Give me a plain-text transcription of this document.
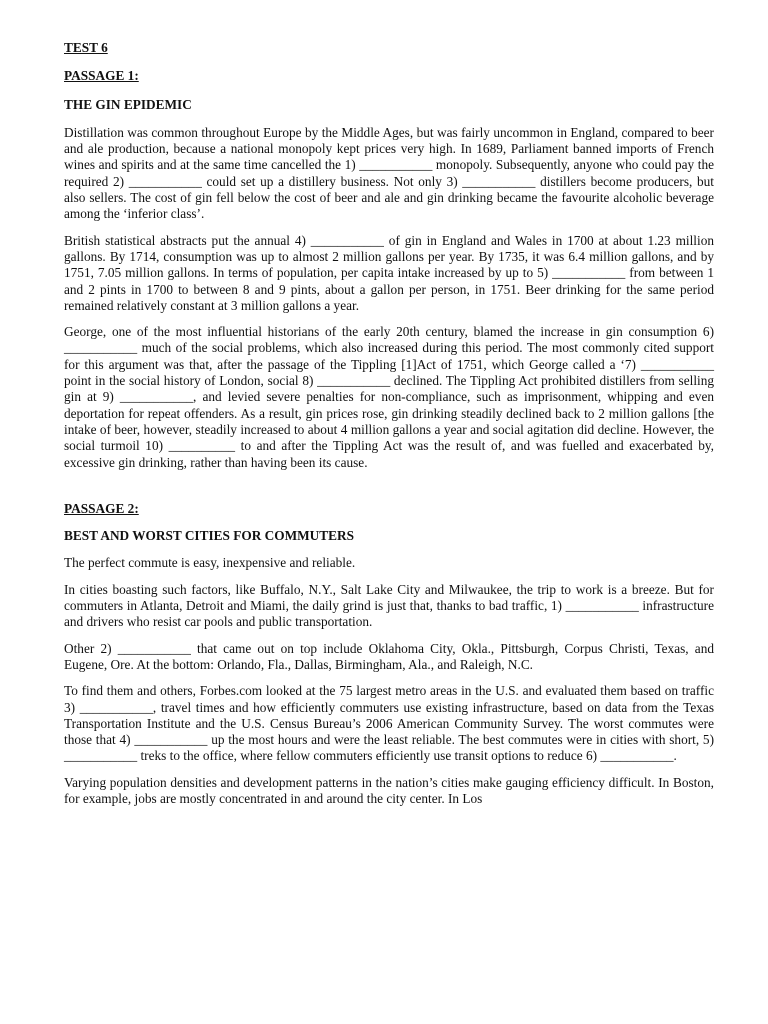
TEST 6

PASSAGE 1:

THE GIN EPIDEMIC

Distillation was common throughout Europe by the Middle Ages, but was fairly uncommon in England, compared to beer and ale production, because a national monopoly kept prices very high. In 1689, Parliament banned imports of French wines and spirits and at the same time cancelled the 1) ___________ monopoly. Subsequently, anyone who could pay the required 2) ___________ could set up a distillery business. Not only 3) ___________ distillers become producers, but also sellers. The cost of gin fell below the cost of beer and ale and gin drinking became the favourite alcoholic beverage among the ‘inferior class’.

British statistical abstracts put the annual 4) ___________ of gin in England and Wales in 1700 at about 1.23 million gallons. By 1714, consumption was up to almost 2 million gallons per year. By 1735, it was 6.4 million gallons, and by 1751, 7.05 million gallons. In terms of population, per capita intake increased by up to 5) ___________ from between 1 and 2 pints in 1700 to between 8 and 9 pints, about a gallon per person, in 1751. Beer drinking for the same period remained relatively constant at 3 million gallons a year.

George, one of the most influential historians of the early 20th century, blamed the increase in gin consumption 6) ___________ much of the social problems, which also increased during this period. The most commonly cited support for this argument was that, after the passage of the Tippling [1]Act of 1751, which George called a ‘7) ___________ point in the social history of London, social 8) ___________ declined. The Tippling Act prohibited distillers from selling gin at 9) ___________, and levied severe penalties for non-compliance, such as imprisonment, whipping and even deportation for repeat offenders. As a result, gin prices rose, gin drinking steadily declined back to 2 million gallons [the intake of beer, however, steadily increased to about 4 million gallons a year and social agitation did decline. However, the social turmoil 10) __________ to and after the Tippling Act was the result of, and was fuelled and exacerbated by, excessive gin drinking, rather than having been its cause.

PASSAGE 2:

BEST AND WORST CITIES FOR COMMUTERS

The perfect commute is easy, inexpensive and reliable.

In cities boasting such factors, like Buffalo, N.Y., Salt Lake City and Milwaukee, the trip to work is a breeze. But for commuters in Atlanta, Detroit and Miami, the daily grind is just that, thanks to bad traffic, 1) ___________ infrastructure and drivers who resist car pools and public transportation.

Other 2) ___________ that came out on top include Oklahoma City, Okla., Pittsburgh, Corpus Christi, Texas, and Eugene, Ore. At the bottom: Orlando, Fla., Dallas, Birmingham, Ala., and Raleigh, N.C.

To find them and others, Forbes.com looked at the 75 largest metro areas in the U.S. and evaluated them based on traffic 3) ___________, travel times and how efficiently commuters use existing infrastructure, based on data from the Texas Transportation Institute and the U.S. Census Bureau’s 2006 American Community Survey. The worst commutes were those that 4) ___________ up the most hours and were the least reliable. The best commutes were in cities with short, 5) ___________ treks to the office, where fellow commuters efficiently use transit options to reduce 6) ___________.

Varying population densities and development patterns in the nation’s cities make gauging efficiency difficult. In Boston, for example, jobs are mostly concentrated in and around the city center. In Los
